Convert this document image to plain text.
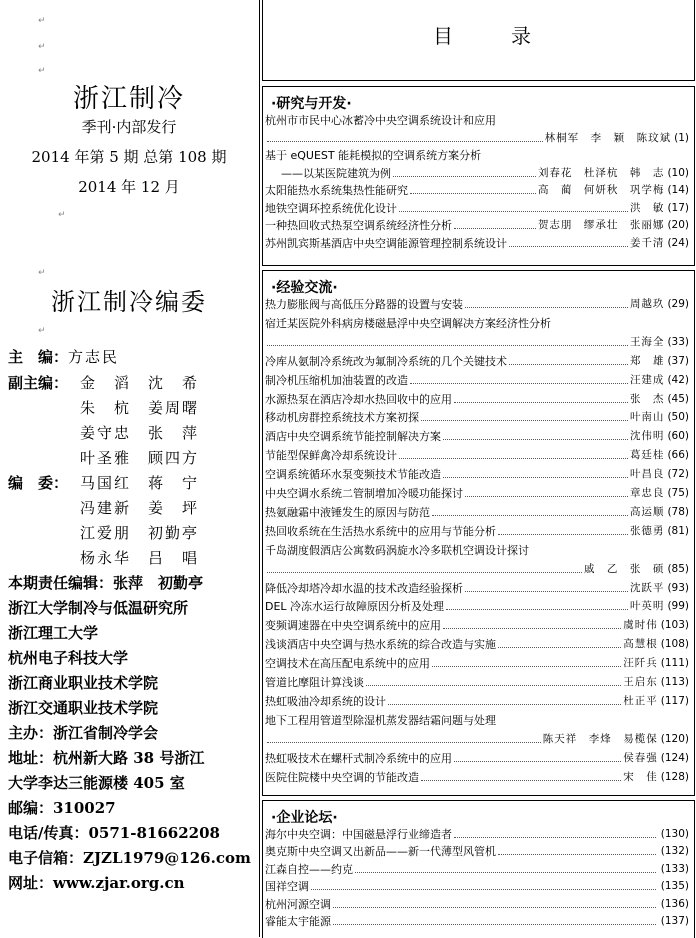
↵
↵
↵
浙江制冷
季刊·内部发行
2014 年第 5 期 总第 108 期
2014 年 12 月
↵
↵
浙江制冷编委
↵
主　编：方志民
副主编： 金　滔　沈　希
朱　杭　姜周曙
姜守忠　张　萍
叶圣雅　顾四方
编　委： 马国红　蒋　宁
冯建新　姜　坪
江爱朋　初勤亭
杨永华　吕　唱
本期责任编辑：张萍　初勤亭
浙江大学制冷与低温研究所
浙江理工大学
杭州电子科技大学
浙江商业职业技术学院
浙江交通职业技术学院
主办：浙江省制冷学会
地址：杭州新大路 38 号浙江
大学李达三能源楼 405 室
邮编：310027
电话/传真：0571-81662208
电子信箱：ZJZL1979@126.com
网址：www.zjar.org.cn
目	录
·研究与开发·
杭州市市民中心冰蓄冷中央空调系统设计和应用
林桐军　李　颖　陈玟斌 (1)
基于 eQUEST 能耗模拟的空调系统方案分析
——以某医院建筑为例	刘春花　杜泽杭　韩　志 (10)
太阳能热水系统集热性能研究	高　蔺　何妍秋　巩学梅 (14)
地铁空调环控系统优化设计	洪　敏 (17)
一种热回收式热泵空调系统经济性分析	贺志朋　缪承壮　张丽娜 (20)
苏州凯宾斯基酒店中央空调能源管理控制系统设计	姜千清 (24)
·经验交流·
热力膨胀阀与高低压分路器的设置与安装	周越玖 (29)
宿迁某医院外科病房楼磁悬浮中央空调解决方案经济性分析
王海全 (33)
冷库从氨制冷系统改为氟制冷系统的几个关键技术	郑　雄 (37)
制冷机压缩机加油装置的改造	汪建成 (42)
水源热泵在酒店冷却水热回收中的应用	张　杰 (45)
移动机房群控系统技术方案初探	叶南山 (50)
酒店中央空调系统节能控制解决方案	沈伟明 (60)
节能型保鲜禽冷却系统设计	葛廷桂 (66)
空调系统循环水泵变频技术节能改造	叶昌良 (72)
中央空调水系统二管制增加冷暖功能探讨	章忠良 (75)
热氨融霜中液锤发生的原因与防范	高运顺 (78)
热回收系统在生活热水系统中的应用与节能分析	张德勇 (81)
千岛湖度假酒店公寓数码涡旋水冷多联机空调设计探讨
戚　乙　张　硕 (85)
降低冷却塔冷却水温的技术改造经验探析	沈跃平 (93)
DEL 冷冻水运行故障原因分析及处理	叶英明 (99)
变频调速器在中央空调系统中的应用	虞时伟 (103)
浅谈酒店中央空调与热水系统的综合改造与实施	高慧根 (108)
空调技术在高压配电系统中的应用	汪阡兵 (111)
管道比摩阻计算浅谈	王启东 (113)
热虹吸油冷却系统的设计	杜正平 (117)
地下工程用管道型除湿机蒸发器结霜问题与处理
陈天祥　李烽　易榄保 (120)
热虹吸技术在螺杆式制冷系统中的应用	侯春强 (124)
医院住院楼中央空调的节能改造	宋　佳 (128)
·企业论坛·
海尔中央空调：中国磁悬浮行业缔造者	(130)
奥克斯中央空调又出新品——新一代薄型风管机	(132)
江森自控——约克	(133)
国祥空调	(135)
杭州河源空调	(136)
睿能太宇能源	(137)
